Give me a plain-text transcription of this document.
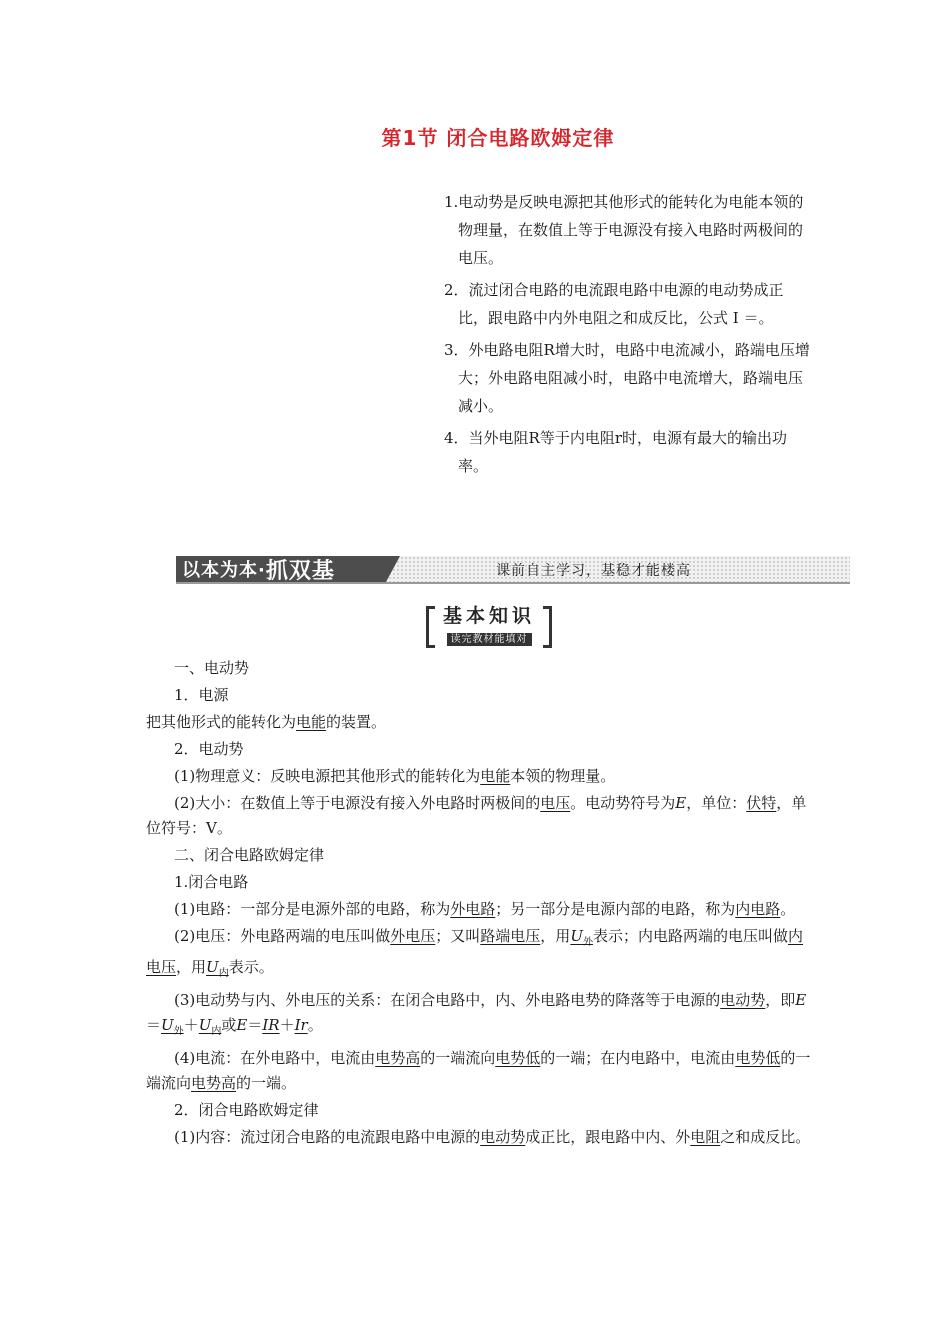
第1节 闭合电路欧姆定律
1.电动势是反映电源把其他形式的能转化为电能本领的物理量，在数值上等于电源没有接入电路时两极间的电压。
2．流过闭合电路的电流跟电路中电源的电动势成正比，跟电路中内外电阻之和成反比，公式 I ＝。
3．外电路电阻R增大时，电路中电流减小，路端电压增大；外电路电阻减小时，电路中电流增大，路端电压减小。
4．当外电阻R等于内电阻r时，电源有最大的输出功率。
以本为本· 抓双基	课前自主学习，基稳才能楼高
基本知识
读完教材能填对

一、电动势

1．电源

把其他形式的能转化为电能的装置。

2．电动势

(1)物理意义：反映电源把其他形式的能转化为电能本领的物理量。

(2)大小：在数值上等于电源没有接入外电路时两极间的电压。电动势符号为E，单位：伏特，单位符号：V。

二、闭合电路欧姆定律

1.闭合电路

(1)电路：一部分是电源外部的电路，称为外电路；另一部分是电源内部的电路，称为内电路。

(2)电压：外电路两端的电压叫做外电压；又叫路端电压，用$U_外$表示；内电路两端的电压叫做内电压，用$U_内$表示。

(3)电动势与内、外电压的关系：在闭合电路中，内、外电路电势的降落等于电源的电动势，即$E=U_外+U_内$或E＝IR＋Ir。

(4)电流：在外电路中，电流由电势高的一端流向电势低的一端；在内电路中，电流由电势低的一端流向电势高的一端。

2．闭合电路欧姆定律

(1)内容：流过闭合电路的电流跟电路中电源的电动势成正比，跟电路中内、外电阻之和成反比。
